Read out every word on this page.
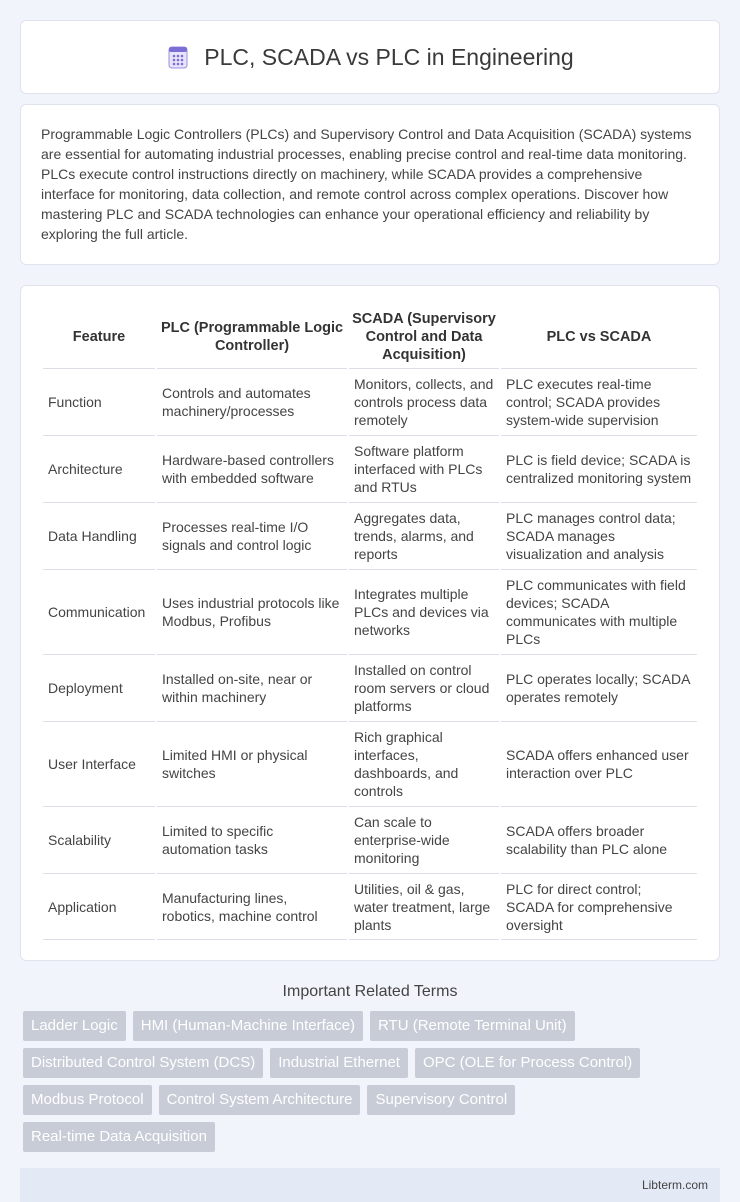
PLC, SCADA vs PLC in Engineering

Programmable Logic Controllers (PLCs) and Supervisory Control and Data Acquisition (SCADA) systems are essential for automating industrial processes, enabling precise control and real-time data monitoring. PLCs execute control instructions directly on machinery, while SCADA provides a comprehensive interface for monitoring, data collection, and remote control across complex operations. Discover how mastering PLC and SCADA technologies can enhance your operational efficiency and reliability by exploring the full article.

Feature	PLC (Programmable Logic Controller)	SCADA (Supervisory Control and Data Acquisition)	PLC vs SCADA
Function	Controls and automates machinery/processes	Monitors, collects, and controls process data remotely	PLC executes real-time control; SCADA provides system-wide supervision
Architecture	Hardware-based controllers with embedded software	Software platform interfaced with PLCs and RTUs	PLC is field device; SCADA is centralized monitoring system
Data Handling	Processes real-time I/O signals and control logic	Aggregates data, trends, alarms, and reports	PLC manages control data; SCADA manages visualization and analysis
Communication	Uses industrial protocols like Modbus, Profibus	Integrates multiple PLCs and devices via networks	PLC communicates with field devices; SCADA communicates with multiple PLCs
Deployment	Installed on-site, near or within machinery	Installed on control room servers or cloud platforms	PLC operates locally; SCADA operates remotely
User Interface	Limited HMI or physical switches	Rich graphical interfaces, dashboards, and controls	SCADA offers enhanced user interaction over PLC
Scalability	Limited to specific automation tasks	Can scale to enterprise-wide monitoring	SCADA offers broader scalability than PLC alone
Application	Manufacturing lines, robotics, machine control	Utilities, oil & gas, water treatment, large plants	PLC for direct control; SCADA for comprehensive oversight
Important Related Terms
Ladder Logic	HMI (Human-Machine Interface)	RTU (Remote Terminal Unit)
Distributed Control System (DCS)	Industrial Ethernet	OPC (OLE for Process Control)
Modbus Protocol	Control System Architecture	Supervisory Control
Real-time Data Acquisition
Libterm.com
